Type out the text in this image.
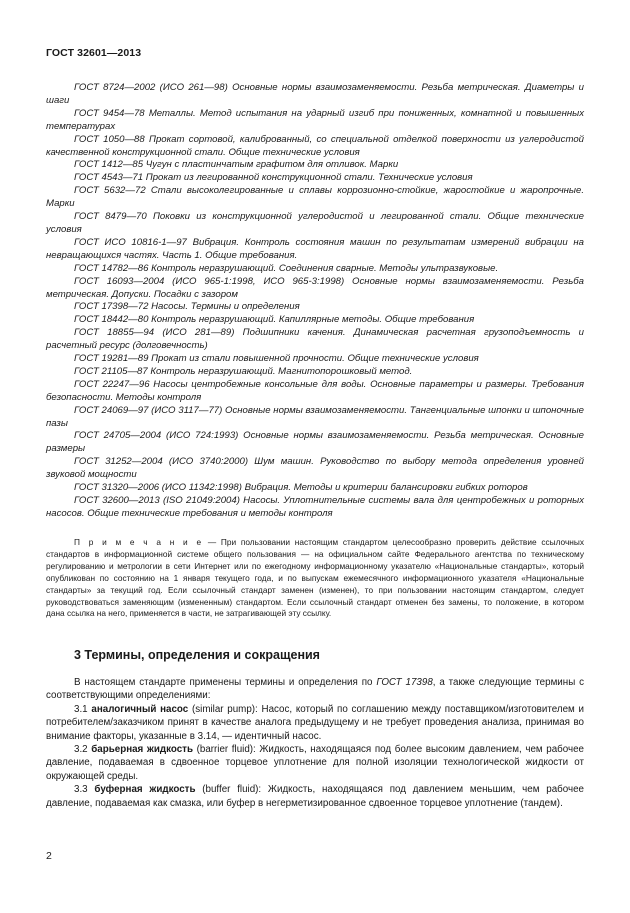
ГОСТ 32601—2013

ГОСТ 8724—2002 (ИСО 261—98) Основные нормы взаимозаменяемости. Резьба метрическая. Диаметры и шаги

ГОСТ 9454—78 Металлы. Метод испытания на ударный изгиб при пониженных, комнатной и повышенных температурах

ГОСТ 1050—88 Прокат сортовой, калиброванный, со специальной отделкой поверхности из углеродистой качественной конструкционной стали. Общие технические условия

ГОСТ 1412—85 Чугун с пластинчатым графитом для отливок. Марки

ГОСТ 4543—71 Прокат из легированной конструкционной стали. Технические условия

ГОСТ 5632—72 Стали высоколегированные и сплавы коррозионно-стойкие, жаростойкие и жаропрочные. Марки

ГОСТ 8479—70 Поковки из конструкционной углеродистой и легированной стали. Общие технические условия

ГОСТ ИСО 10816-1—97 Вибрация. Контроль состояния машин по результатам измерений вибрации на невращающихся частях. Часть 1. Общие требования.

ГОСТ 14782—86 Контроль неразрушающий. Соединения сварные. Методы ультразвуковые.

ГОСТ 16093—2004 (ИСО 965-1:1998, ИСО 965-3:1998) Основные нормы взаимозаменяемости. Резьба метрическая. Допуски. Посадки с зазором

ГОСТ 17398—72 Насосы. Термины и определения

ГОСТ 18442—80 Контроль неразрушающий. Капиллярные методы. Общие требования

ГОСТ 18855—94 (ИСО 281—89) Подшипники качения. Динамическая расчетная грузоподъемность и расчетный ресурс (долговечность)

ГОСТ 19281—89 Прокат из стали повышенной прочности. Общие технические условия

ГОСТ 21105—87 Контроль неразрушающий. Магнитопорошковый метод.

ГОСТ 22247—96 Насосы центробежные консольные для воды. Основные параметры и размеры. Требования безопасности. Методы контроля

ГОСТ 24069—97 (ИСО 3117—77) Основные нормы взаимозаменяемости. Тангенциальные шпонки и шпоночные пазы

ГОСТ 24705—2004 (ИСО 724:1993) Основные нормы взаимозаменяемости. Резьба метрическая. Основные размеры

ГОСТ 31252—2004 (ИСО 3740:2000) Шум машин. Руководство по выбору метода определения уровней звуковой мощности

ГОСТ 31320—2006 (ИСО 11342:1998) Вибрация. Методы и критерии балансировки гибких роторов

ГОСТ 32600—2013 (ISO 21049:2004) Насосы. Уплотнительные системы вала для центробежных и роторных насосов. Общие технические требования и методы контроля

П р и м е ч а н и е — При пользовании настоящим стандартом целесообразно проверить действие ссылочных стандартов в информационной системе общего пользования — на официальном сайте Федерального агентства по техническому регулированию и метрологии в сети Интернет или по ежегодному информационному указателю «Национальные стандарты», который опубликован по состоянию на 1 января текущего года, и по выпускам ежемесячного информационного указателя «Национальные стандарты» за текущий год. Если ссылочный стандарт заменен (изменен), то при пользовании настоящим стандартом, следует руководствоваться заменяющим (измененным) стандартом. Если ссылочный стандарт отменен без замены, то положение, в котором дана ссылка на него, применяется в части, не затрагивающей эту ссылку.

3 Термины, определения и сокращения

В настоящем стандарте применены термины и определения по ГОСТ 17398, а также следующие термины с соответствующими определениями:

3.1 аналогичный насос (similar pump): Насос, который по соглашению между поставщиком/изготовителем и потребителем/заказчиком принят в качестве аналога предыдущему и не требует проведения анализа, принимая во внимание факторы, указанные в 3.14, — идентичный насос.

3.2 барьерная жидкость (barrier fluid): Жидкость, находящаяся под более высоким давлением, чем рабочее давление, подаваемая в сдвоенное торцевое уплотнение для полной изоляции технологической жидкости от окружающей среды.

3.3 буферная жидкость (buffer fluid): Жидкость, находящаяся под давлением меньшим, чем рабочее давление, подаваемая как смазка, или буфер в негерметизированное сдвоенное торцевое уплотнение (тандем).

2
